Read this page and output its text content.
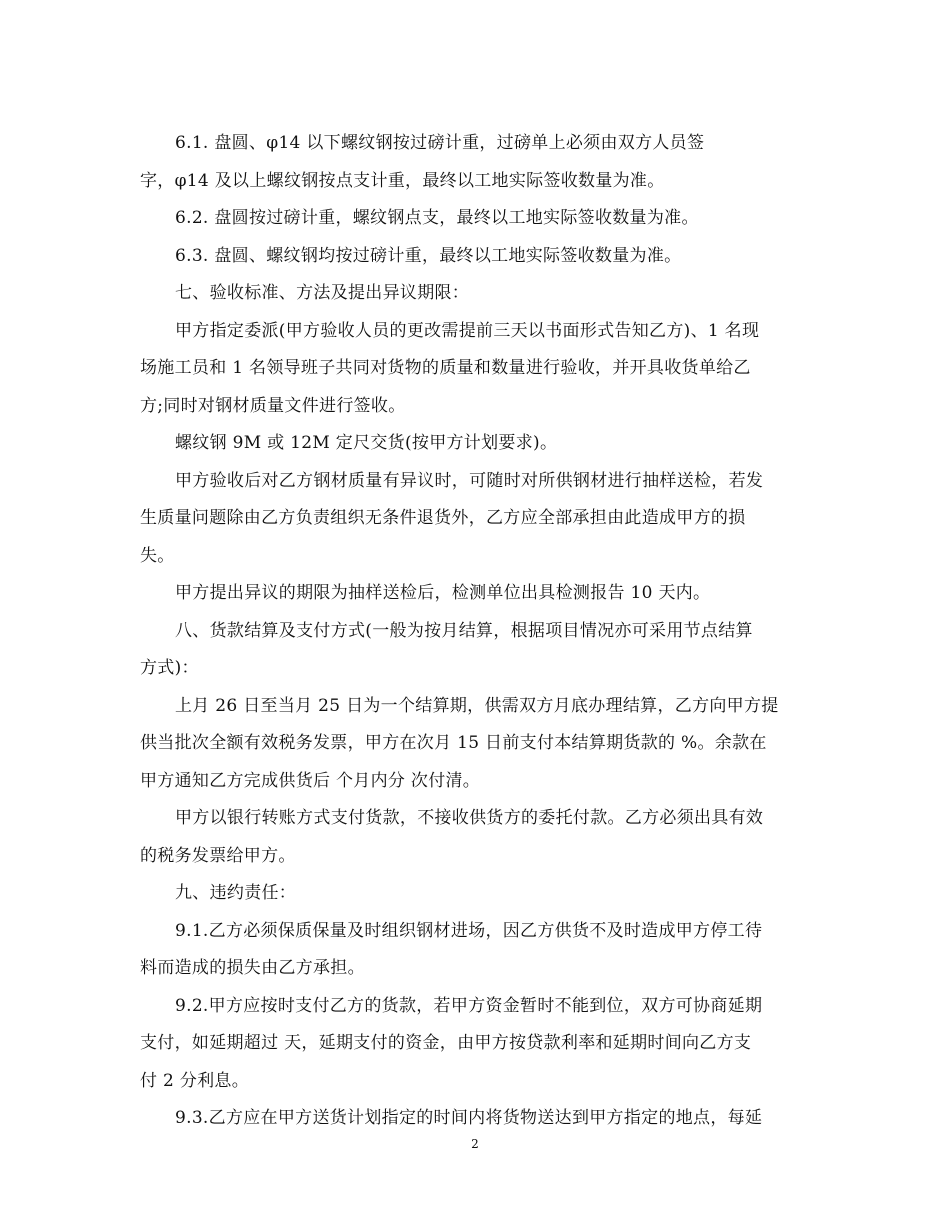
6.1. 盘圆、φ14 以下螺纹钢按过磅计重，过磅单上必须由双方人员签
字，φ14 及以上螺纹钢按点支计重，最终以工地实际签收数量为准。

6.2. 盘圆按过磅计重，螺纹钢点支，最终以工地实际签收数量为准。

6.3. 盘圆、螺纹钢均按过磅计重，最终以工地实际签收数量为准。

七、验收标准、方法及提出异议期限：

甲方指定委派(甲方验收人员的更改需提前三天以书面形式告知乙方)、1 名现
场施工员和 1 名领导班子共同对货物的质量和数量进行验收，并开具收货单给乙
方;同时对钢材质量文件进行签收。

螺纹钢 9M 或 12M 定尺交货(按甲方计划要求)。

甲方验收后对乙方钢材质量有异议时，可随时对所供钢材进行抽样送检，若发
生质量问题除由乙方负责组织无条件退货外，乙方应全部承担由此造成甲方的损
失。

甲方提出异议的期限为抽样送检后，检测单位出具检测报告 10 天内。

八、货款结算及支付方式(一般为按月结算，根据项目情况亦可采用节点结算
方式)：

上月 26 日至当月 25 日为一个结算期，供需双方月底办理结算，乙方向甲方提
供当批次全额有效税务发票，甲方在次月 15 日前支付本结算期货款的 %。余款在
甲方通知乙方完成供货后 个月内分 次付清。

甲方以银行转账方式支付货款，不接收供货方的委托付款。乙方必须出具有效
的税务发票给甲方。

九、违约责任：

9.1.乙方必须保质保量及时组织钢材进场，因乙方供货不及时造成甲方停工待
料而造成的损失由乙方承担。

9.2.甲方应按时支付乙方的货款，若甲方资金暂时不能到位，双方可协商延期
支付，如延期超过 天，延期支付的资金，由甲方按贷款利率和延期时间向乙方支
付 2 分利息。

9.3.乙方应在甲方送货计划指定的时间内将货物送达到甲方指定的地点，每延

2
